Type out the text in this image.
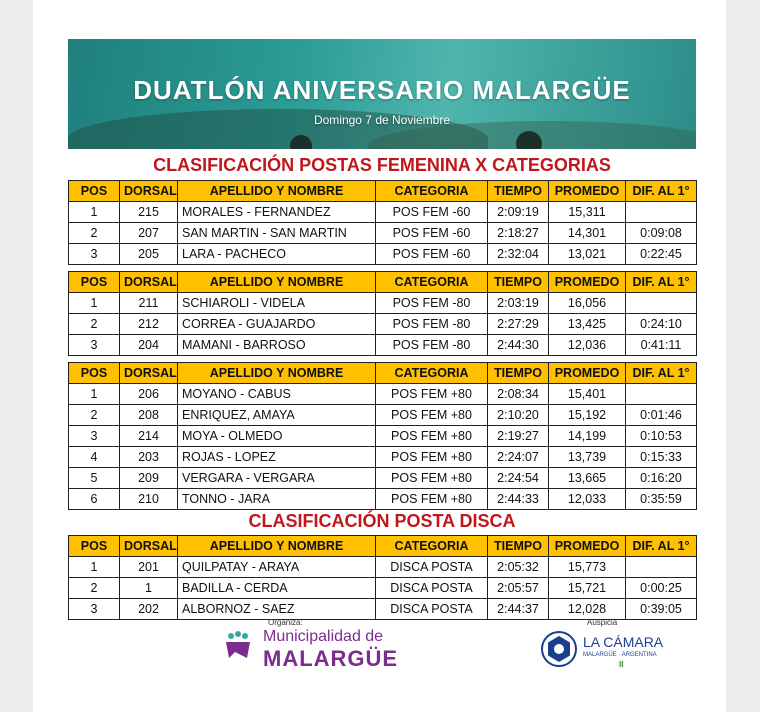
DUATLÓN ANIVERSARIO MALARGÜE
Domingo 7 de Noviembre
CLASIFICACIÓN POSTAS FEMENINA X CATEGORIAS
POS	DORSAL	APELLIDO Y NOMBRE	CATEGORIA	TIEMPO	PROMEDO	DIF. AL 1°
1	215	MORALES - FERNANDEZ	POS FEM -60	2:09:19	15,311	
2	207	SAN MARTIN - SAN MARTIN	POS FEM -60	2:18:27	14,301	0:09:08
3	205	LARA - PACHECO	POS FEM -60	2:32:04	13,021	0:22:45

POS	DORSAL	APELLIDO Y NOMBRE	CATEGORIA	TIEMPO	PROMEDO	DIF. AL 1°
1	211	SCHIAROLI - VIDELA	POS FEM -80	2:03:19	16,056	
2	212	CORREA - GUAJARDO	POS FEM -80	2:27:29	13,425	0:24:10
3	204	MAMANI - BARROSO	POS FEM -80	2:44:30	12,036	0:41:11

POS	DORSAL	APELLIDO Y NOMBRE	CATEGORIA	TIEMPO	PROMEDO	DIF. AL 1°
1	206	MOYANO - CABUS	POS FEM +80	2:08:34	15,401	
2	208	ENRIQUEZ, AMAYA	POS FEM +80	2:10:20	15,192	0:01:46
3	214	MOYA - OLMEDO	POS FEM +80	2:19:27	14,199	0:10:53
4	203	ROJAS - LOPEZ	POS FEM +80	2:24:07	13,739	0:15:33
5	209	VERGARA - VERGARA	POS FEM +80	2:24:54	13,665	0:16:20
6	210	TONNO - JARA	POS FEM +80	2:44:33	12,033	0:35:59
CLASIFICACIÓN POSTA DISCA
POS	DORSAL	APELLIDO Y NOMBRE	CATEGORIA	TIEMPO	PROMEDO	DIF. AL 1°
1	201	QUILPATAY - ARAYA	DISCA POSTA	2:05:32	15,773	
2	1	BADILLA - CERDA	DISCA POSTA	2:05:57	15,721	0:00:25
3	202	ALBORNOZ - SAEZ	DISCA POSTA	2:44:37	12,028	0:39:05
Organiza:
Municipalidad de
MALARGÜE
Auspicia
LA CÁMARA
MALARGÜE · ARGENTINA
II
